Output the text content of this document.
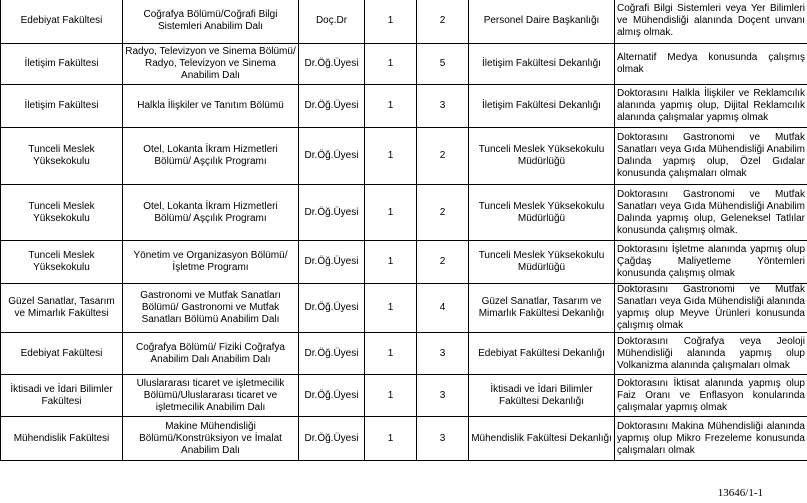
Edebiyat Fakültesi	Coğrafya Bölümü/Coğrafi Bilgi Sistemleri Anabilim Dalı	Doç.Dr	1	2	Personel Daire Başkanlığı	Coğrafi Bilgi Sistemleri veya Yer Bilimleri ve Mühendisliği alanında Doçent unvanı almış olmak.
İletişim Fakültesi	Radyo, Televizyon ve Sinema Bölümü/ Radyo, Televizyon ve Sinema Anabilim Dalı	Dr.Öğ.Üyesi	1	5	İletişim Fakültesi Dekanlığı	Alternatif Medya konusunda çalışmış olmak
İletişim Fakültesi	Halkla İlişkiler ve Tanıtım Bölümü	Dr.Öğ.Üyesi	1	3	İletişim Fakültesi Dekanlığı	Doktorasını Halkla İlişkiler ve Reklamcılık alanında yapmış olup, Dijital Reklamcılık alanında çalışmalar yapmış olmak
Tunceli Meslek Yüksekokulu	Otel, Lokanta İkram Hizmetleri Bölümü/ Aşçılık Programı	Dr.Öğ.Üyesi	1	2	Tunceli Meslek Yüksekokulu Müdürlüğü	Doktorasını Gastronomi ve Mutfak Sanatları veya Gıda Mühendisliği Anabilim Dalında yapmış olup, Özel Gıdalar konusunda çalışmaları olmak
Tunceli Meslek Yüksekokulu	Otel, Lokanta İkram Hizmetleri Bölümü/ Aşçılık Programı	Dr.Öğ.Üyesi	1	2	Tunceli Meslek Yüksekokulu Müdürlüğü	Doktorasını Gastronomi ve Mutfak Sanatları veya Gıda Mühendisliği Anabilim Dalında yapmış olup, Geleneksel Tatlılar konusunda çalışmış olmak.
Tunceli Meslek Yüksekokulu	Yönetim ve Organizasyon Bölümü/ İşletme Programı	Dr.Öğ.Üyesi	1	2	Tunceli Meslek Yüksekokulu Müdürlüğü	Doktorasını İşletme alanında yapmış olup Çağdaş Maliyetleme Yöntemleri konusunda çalışmış olmak
Güzel Sanatlar, Tasarım ve Mimarlık Fakültesi	Gastronomi ve Mutfak Sanatları Bölümü/ Gastronomi ve Mutfak Sanatları Bölümü Anabilim Dalı	Dr.Öğ.Üyesi	1	4	Güzel Sanatlar, Tasarım ve Mimarlık Fakültesi Dekanlığı	Doktorasını Gastronomi ve Mutfak Sanatları veya Gıda Mühendisliği alanında yapmış olup Meyve Ürünleri konusunda çalışmış olmak
Edebiyat Fakültesi	Coğrafya Bölümü/ Fiziki Coğrafya Anabilim Dalı Anabilim Dalı	Dr.Öğ.Üyesi	1	3	Edebiyat Fakültesi Dekanlığı	Doktorasını Coğrafya veya Jeoloji Mühendisliği alanında yapmış olup Volkanizma alanında çalışmaları olmak
İktisadi ve İdari Bilimler Fakültesi	Uluslararası ticaret ve işletmecilik Bölümü/Uluslararası ticaret ve işletmecilik Anabilim Dalı	Dr.Öğ.Üyesi	1	3	İktisadi ve İdari Bilimler Fakültesi Dekanlığı	Doktorasını İktisat alanında yapmış olup Faiz Oranı ve Enflasyon konularında çalışmalar yapmış olmak
Mühendislik Fakültesi	Makine Mühendisliği Bölümü/Konstrüksiyon ve İmalat Anabilim Dalı	Dr.Öğ.Üyesi	1	3	Mühendislik Fakültesi Dekanlığı	Doktorasını Makina Mühendisliği alanında yapmış olup Mikro Frezeleme konusunda çalışmaları olmak
13646/1-1
